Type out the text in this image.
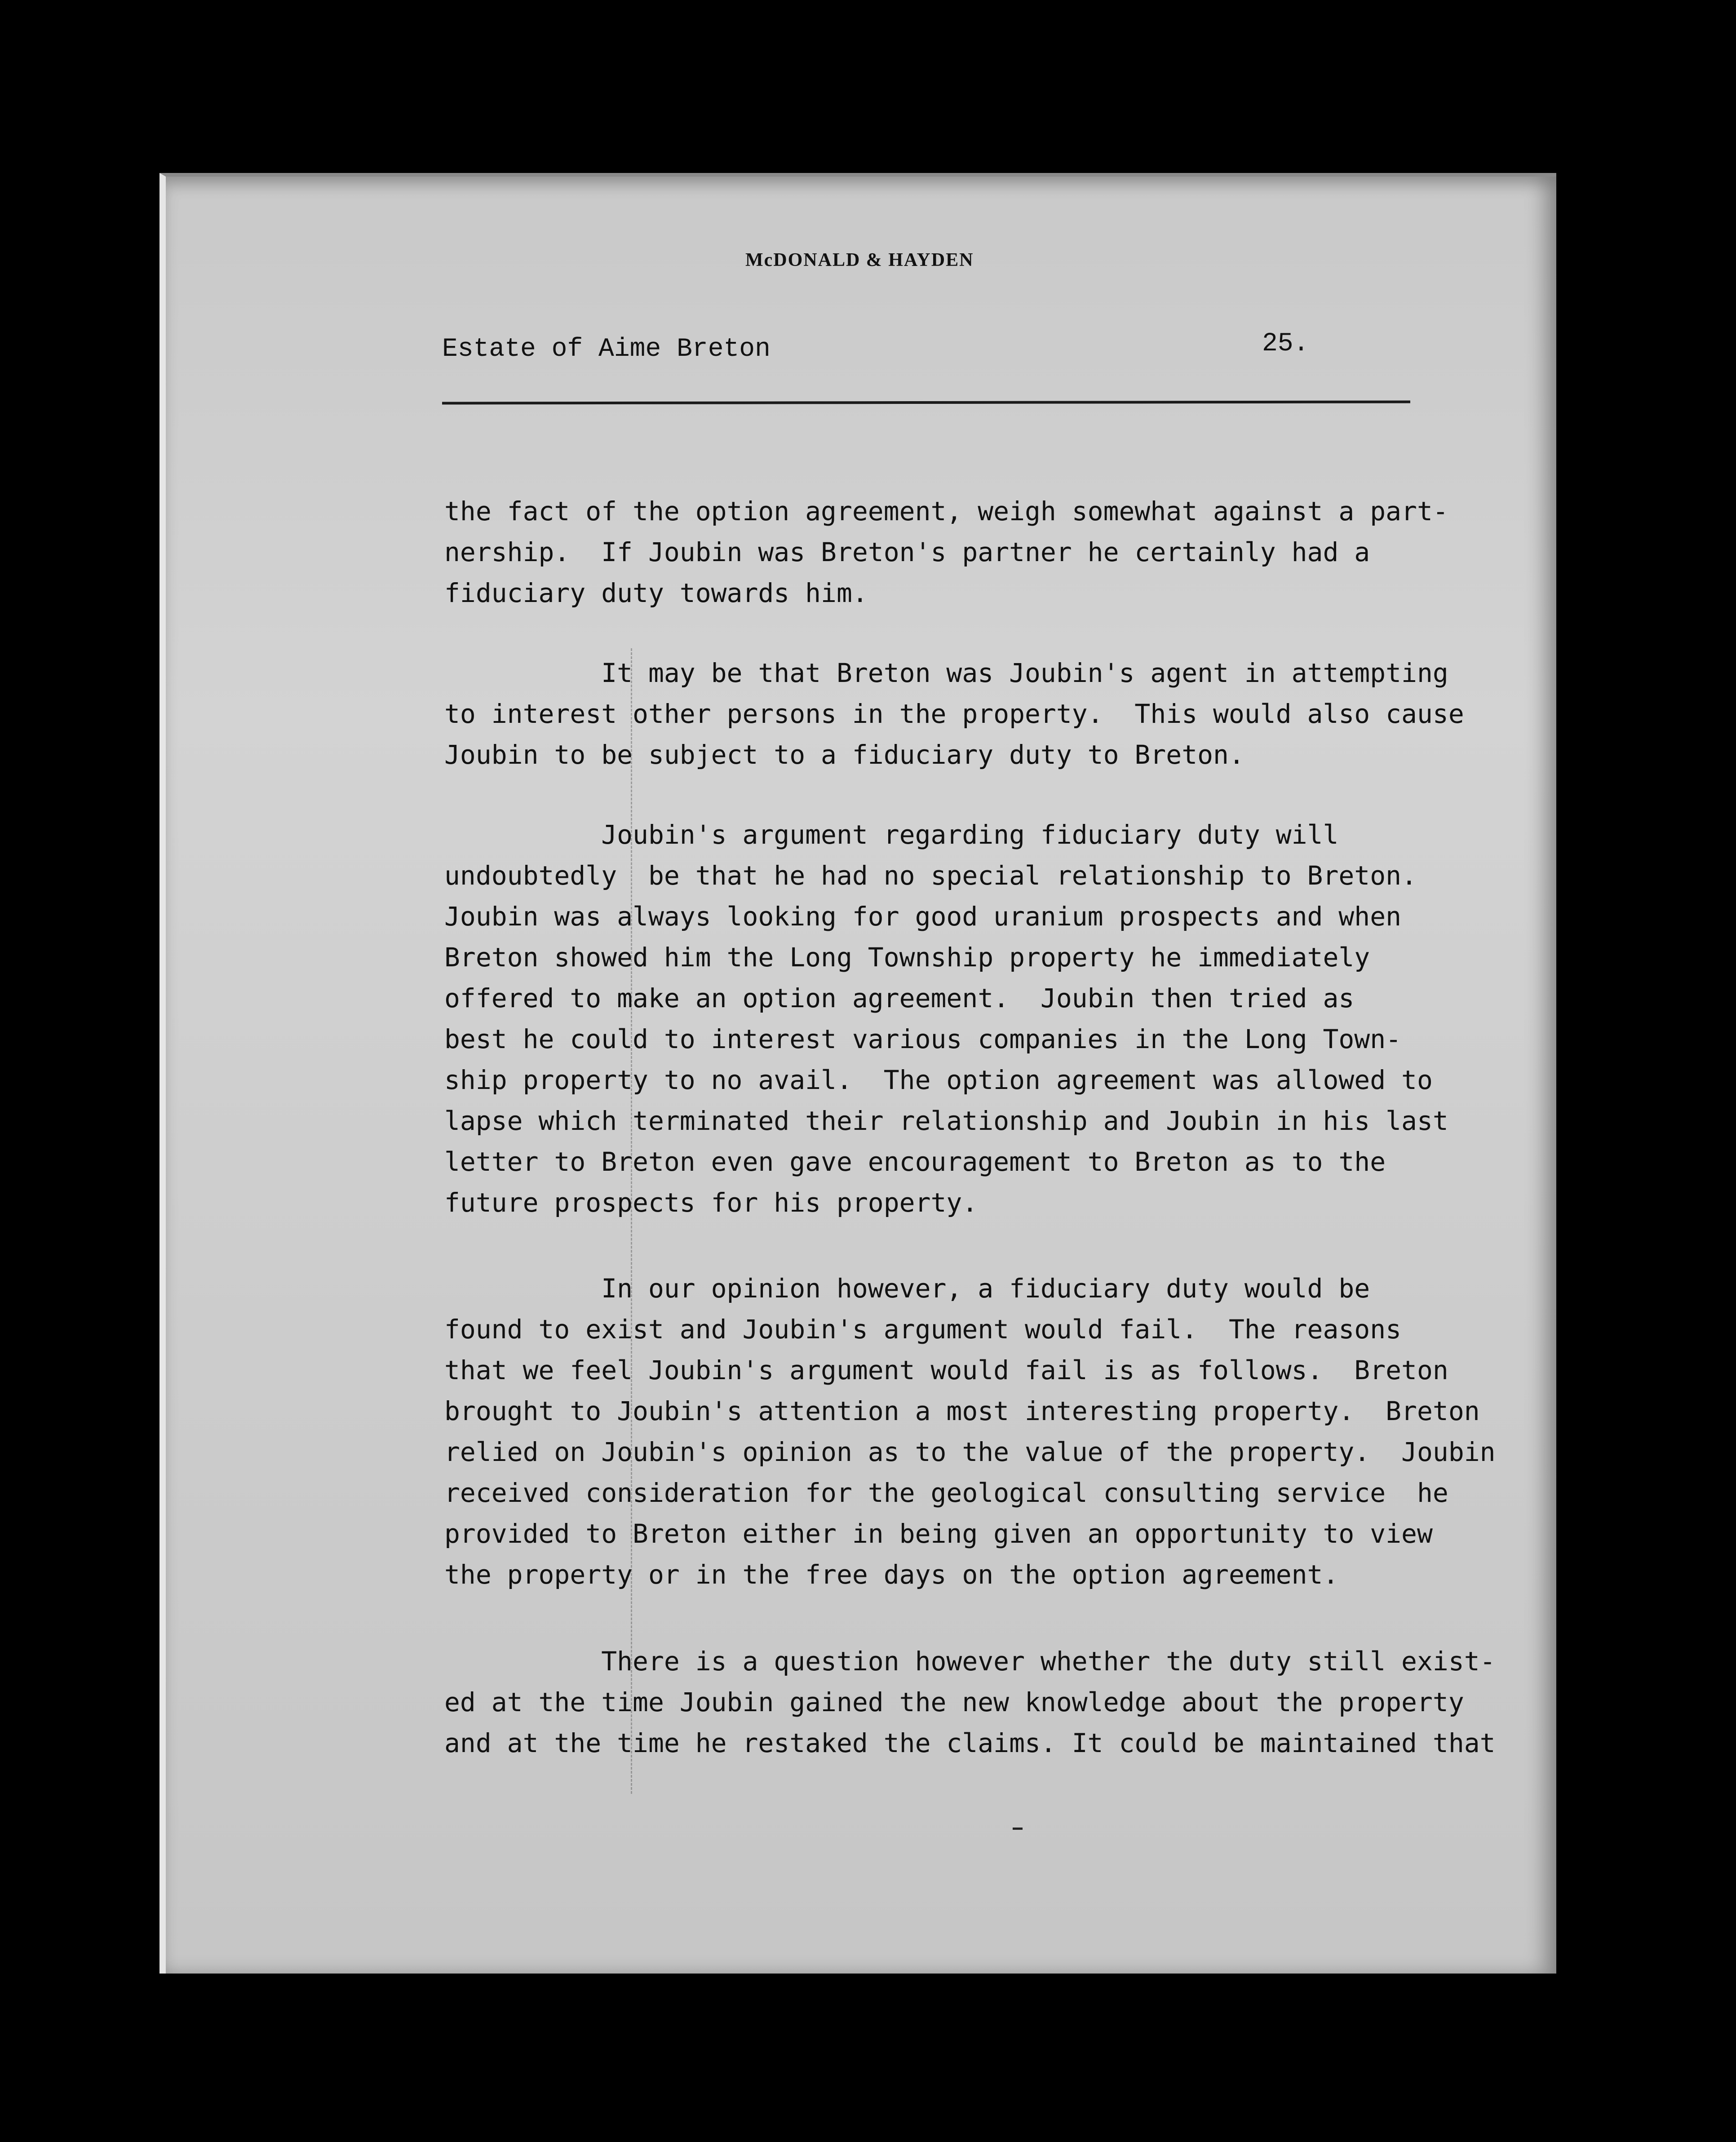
McDONALD & HAYDEN
Estate of Aime Breton	25.
the fact of the option agreement, weigh somewhat against a part-
nership.  If Joubin was Breton's partner he certainly had a
fiduciary duty towards him.
It may be that Breton was Joubin's agent in attempting
to interest other persons in the property.  This would also cause
Joubin to be subject to a fiduciary duty to Breton.
Joubin's argument regarding fiduciary duty will
undoubtedly  be that he had no special relationship to Breton.
Joubin was always looking for good uranium prospects and when
Breton showed him the Long Township property he immediately
offered to make an option agreement.  Joubin then tried as
best he could to interest various companies in the Long Town-
ship property to no avail.  The option agreement was allowed to
lapse which terminated their relationship and Joubin in his last
letter to Breton even gave encouragement to Breton as to the
future prospects for his property.
In our opinion however, a fiduciary duty would be
found to exist and Joubin's argument would fail.  The reasons
that we feel Joubin's argument would fail is as follows.  Breton
brought to Joubin's attention a most interesting property.  Breton
relied on Joubin's opinion as to the value of the property.  Joubin
received consideration for the geological consulting service  he
provided to Breton either in being given an opportunity to view
the property or in the free days on the option agreement.
There is a question however whether the duty still exist-
ed at the time Joubin gained the new knowledge about the property
and at the time he restaked the claims. It could be maintained that
